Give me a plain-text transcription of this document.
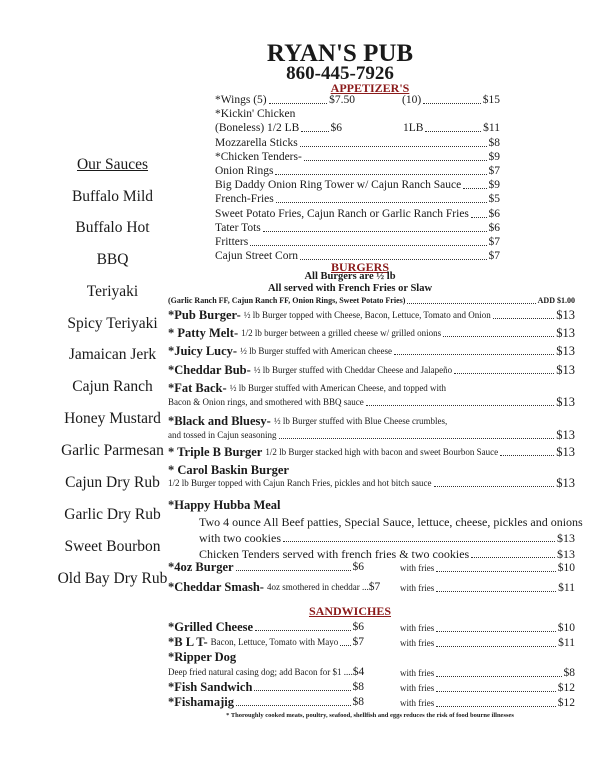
RYAN'S PUB
860-445-7926
Our Sauces
Buffalo Mild
Buffalo Hot
BBQ
Teriyaki
Spicy Teriyaki
Jamaican Jerk
Cajun Ranch
Honey Mustard
Garlic Parmesan
Cajun Dry Rub
Garlic Dry Rub
Sweet Bourbon
Old Bay Dry Rub
APPETIZER'S
*Wings (5)	$7.50	(10)	$15
*Kickin' Chicken
(Boneless) 1/2 LB	$6	1LB	$11
Mozzarella Sticks	$8
*Chicken Tenders-	$9
Onion Rings	$7
Big Daddy Onion Ring Tower w/ Cajun Ranch Sauce $9
French-Fries	$5
Sweet Potato Fries, Cajun Ranch or Garlic Ranch Fries $6
Tater Tots	$6
Fritters	$7
Cajun Street Corn	$7
BURGERS
All Burgers are ½ lb
All served with French Fries or Slaw
(Garlic Ranch FF, Cajun Ranch FF, Onion Rings, Sweet Potato Fries)	ADD $1.00
*Pub Burger- ½ lb Burger topped with Cheese, Bacon, Lettuce, Tomato and Onion	$13
* Patty Melt- 1/2 lb burger between a grilled cheese w/ grilled onions	$13
*Juicy Lucy- ½ lb Burger stuffed with American cheese	$13
*Cheddar Bub- ½ lb Burger stuffed with Cheddar Cheese and Jalapeño	$13
*Fat Back- ½ lb Burger stuffed with American Cheese, and topped with
Bacon & Onion rings, and smothered with BBQ sauce	$13
*Black and Bluesy- ½ lb Burger stuffed with Blue Cheese crumbles,
and tossed in Cajun seasoning	$13
* Triple B Burger 1/2 lb Burger stacked high with bacon and sweet Bourbon Sauce	$13
* Carol Baskin Burger
1/2 lb Burger topped with Cajun Ranch Fries, pickles and hot bitch sauce	$13
*Happy Hubba Meal
Two 4 ounce All Beef patties, Special Sauce, lettuce, cheese, pickles and onions
with two cookies	$13
Chicken Tenders served with french fries & two cookies	$13
*4oz Burger	$6	with fries	$10
*Cheddar Smash- 4oz smothered in cheddar ... $7 with fries	$11
SANDWICHES
*Grilled Cheese	$6	with fries	$10
*B L T- Bacon, Lettuce, Tomato with Mayo $7	with fries	$11
*Ripper Dog
Deep fried natural casing dog; add Bacon for $1 .... $4	with fries	$8
*Fish Sandwich	$8	with fries	$12
*Fishamajig	$8	with fries	$12
* Thoroughly cooked meats, poultry, seafood, shellfish and eggs reduces the risk of food bourne illnesses
